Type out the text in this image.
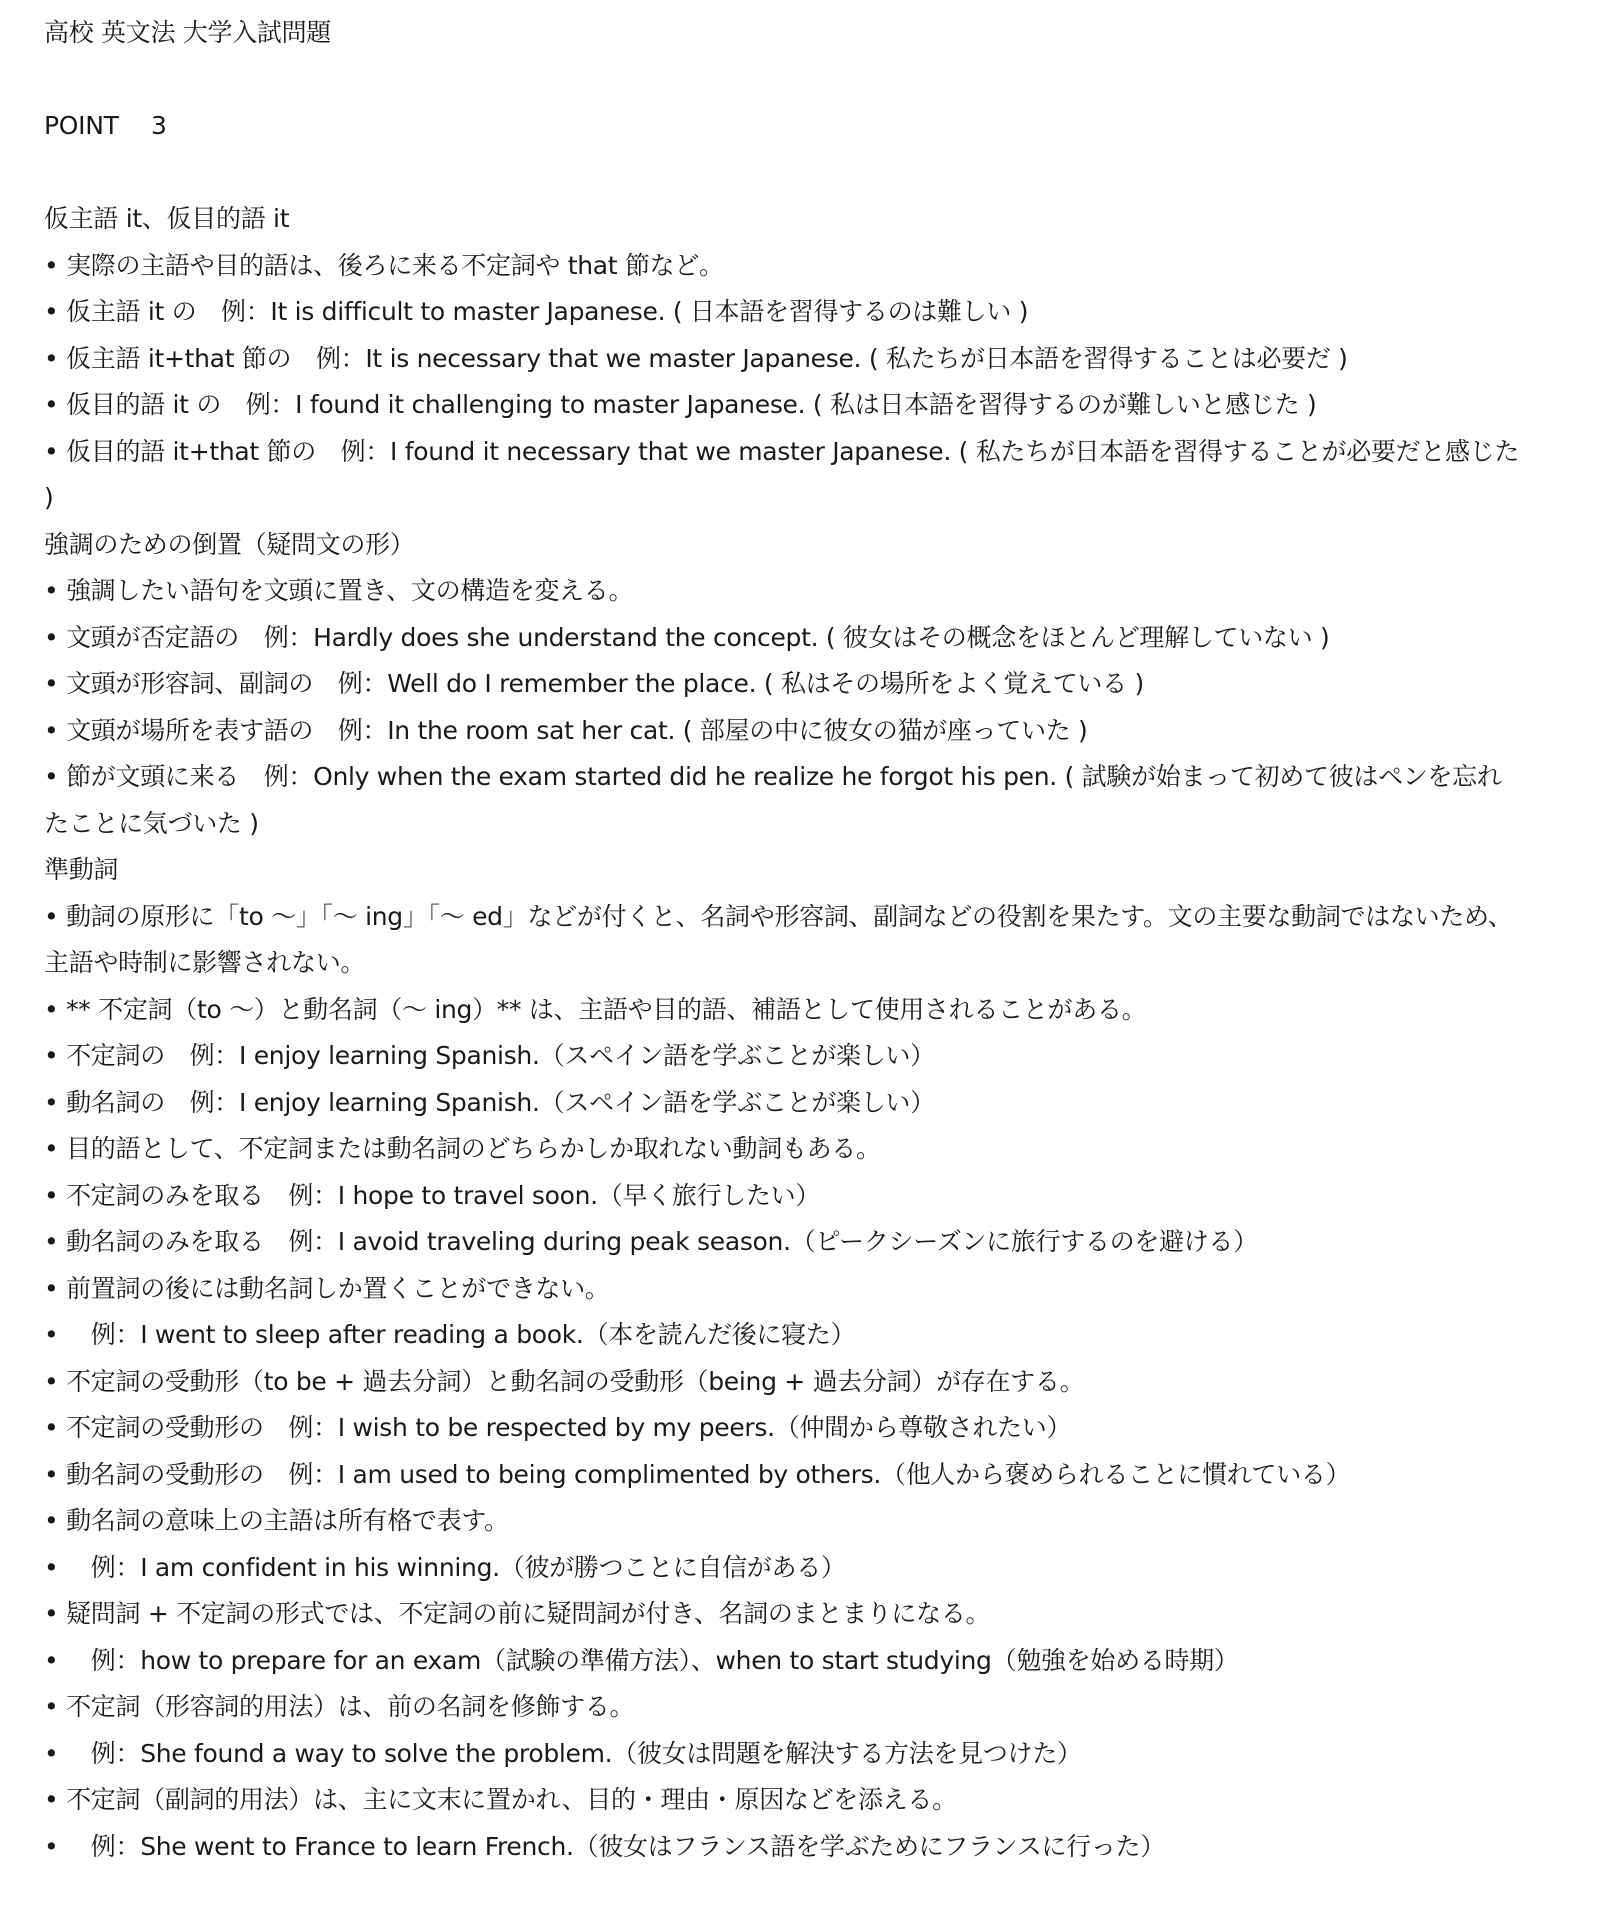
高校 英文法 大学入試問題
POINT　 3
仮主語 it、仮目的語 it
• 実際の主語や目的語は、後ろに来る不定詞や that 節など。
• 仮主語 it の　例：It is difficult to master Japanese. ( 日本語を習得するのは難しい )
• 仮主語 it+that 節の　例：It is necessary that we master Japanese. ( 私たちが日本語を習得することは必要だ )
• 仮目的語 it の　例：I found it challenging to master Japanese. ( 私は日本語を習得するのが難しいと感じた )
• 仮目的語 it+that 節の　例：I found it necessary that we master Japanese. ( 私たちが日本語を習得することが必要だと感じた )
強調のための倒置（疑問文の形）
• 強調したい語句を文頭に置き、文の構造を変える。
• 文頭が否定語の　例：Hardly does she understand the concept. ( 彼女はその概念をほとんど理解していない )
• 文頭が形容詞、副詞の　例：Well do I remember the place. ( 私はその場所をよく覚えている )
• 文頭が場所を表す語の　例：In the room sat her cat. ( 部屋の中に彼女の猫が座っていた )
• 節が文頭に来る　例：Only when the exam started did he realize he forgot his pen. ( 試験が始まって初めて彼はペンを忘れたことに気づいた )
準動詞
• 動詞の原形に「to ～」「～ ing」「～ ed」などが付くと、名詞や形容詞、副詞などの役割を果たす。文の主要な動詞ではないため、主語や時制に影響されない。
• ** 不定詞（to ～）と動名詞（～ ing）** は、主語や目的語、補語として使用されることがある。
• 不定詞の　例：I enjoy learning Spanish.（スペイン語を学ぶことが楽しい）
• 動名詞の　例：I enjoy learning Spanish.（スペイン語を学ぶことが楽しい）
• 目的語として、不定詞または動名詞のどちらかしか取れない動詞もある。
• 不定詞のみを取る　例：I hope to travel soon.（早く旅行したい）
• 動名詞のみを取る　例：I avoid traveling during peak season.（ピークシーズンに旅行するのを避ける）
• 前置詞の後には動名詞しか置くことができない。
•　 例：I went to sleep after reading a book.（本を読んだ後に寝た）
• 不定詞の受動形（to be + 過去分詞）と動名詞の受動形（being + 過去分詞）が存在する。
• 不定詞の受動形の　例：I wish to be respected by my peers.（仲間から尊敬されたい）
• 動名詞の受動形の　例：I am used to being complimented by others.（他人から褒められることに慣れている）
• 動名詞の意味上の主語は所有格で表す。
•　 例：I am confident in his winning.（彼が勝つことに自信がある）
• 疑問詞 + 不定詞の形式では、不定詞の前に疑問詞が付き、名詞のまとまりになる。
•　 例：how to prepare for an exam（試験の準備方法）、when to start studying（勉強を始める時期）
• 不定詞（形容詞的用法）は、前の名詞を修飾する。
•　 例：She found a way to solve the problem.（彼女は問題を解決する方法を見つけた）
• 不定詞（副詞的用法）は、主に文末に置かれ、目的・理由・原因などを添える。
•　 例：She went to France to learn French.（彼女はフランス語を学ぶためにフランスに行った）
